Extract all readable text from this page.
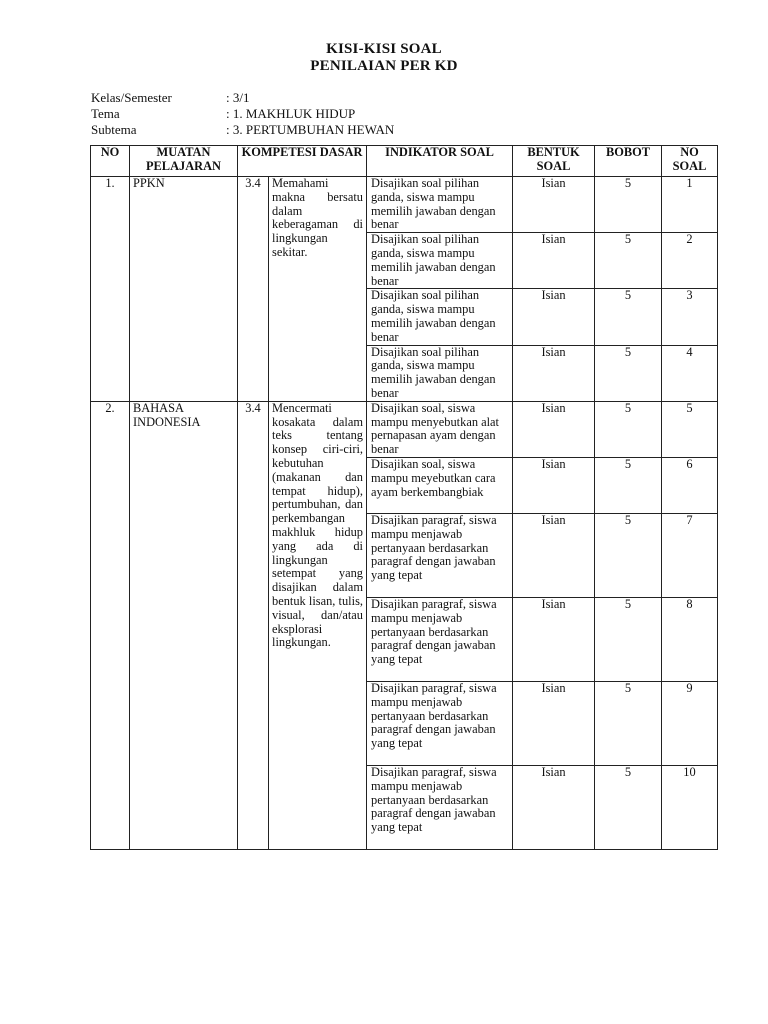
KISI-KISI SOAL
PENILAIAN PER KD
Kelas/Semester	: 3/1
Tema	: 1. MAKHLUK HIDUP
Subtema	: 3. PERTUMBUHAN HEWAN
NO	MUATAN PELAJARAN	KOMPETESI DASAR		INDIKATOR SOAL	BENTUK SOAL	BOBOT	NO SOAL
1.	PPKN	3.4	Memahami makna bersatu dalam keberagaman di lingkungan sekitar.	Disajikan soal pilihan ganda, siswa mampu memilih jawaban dengan benar	Isian	5	1
				Disajikan soal pilihan ganda, siswa mampu memilih jawaban dengan benar	Isian	5	2
				Disajikan soal pilihan ganda, siswa mampu memilih jawaban dengan benar	Isian	5	3
				Disajikan soal pilihan ganda, siswa mampu memilih jawaban dengan benar	Isian	5	4
2.	BAHASA INDONESIA	3.4	Mencermati kosakata dalam teks tentang konsep ciri-ciri, kebutuhan (makanan dan tempat hidup), pertumbuhan, dan perkembangan makhluk hidup yang ada di lingkungan setempat yang disajikan dalam bentuk lisan, tulis, visual, dan/atau eksplorasi lingkungan.	Disajikan soal, siswa mampu menyebutkan alat pernapasan ayam dengan benar	Isian	5	5
				Disajikan soal, siswa mampu meyebutkan cara ayam berkembangbiak	Isian	5	6
				Disajikan paragraf, siswa mampu menjawab pertanyaan berdasarkan paragraf dengan jawaban yang tepat	Isian	5	7
				Disajikan paragraf, siswa mampu menjawab pertanyaan berdasarkan paragraf dengan jawaban yang tepat	Isian	5	8
				Disajikan paragraf, siswa mampu menjawab pertanyaan berdasarkan paragraf dengan jawaban yang tepat	Isian	5	9
				Disajikan paragraf, siswa mampu menjawab pertanyaan berdasarkan paragraf dengan jawaban yang tepat	Isian	5	10
